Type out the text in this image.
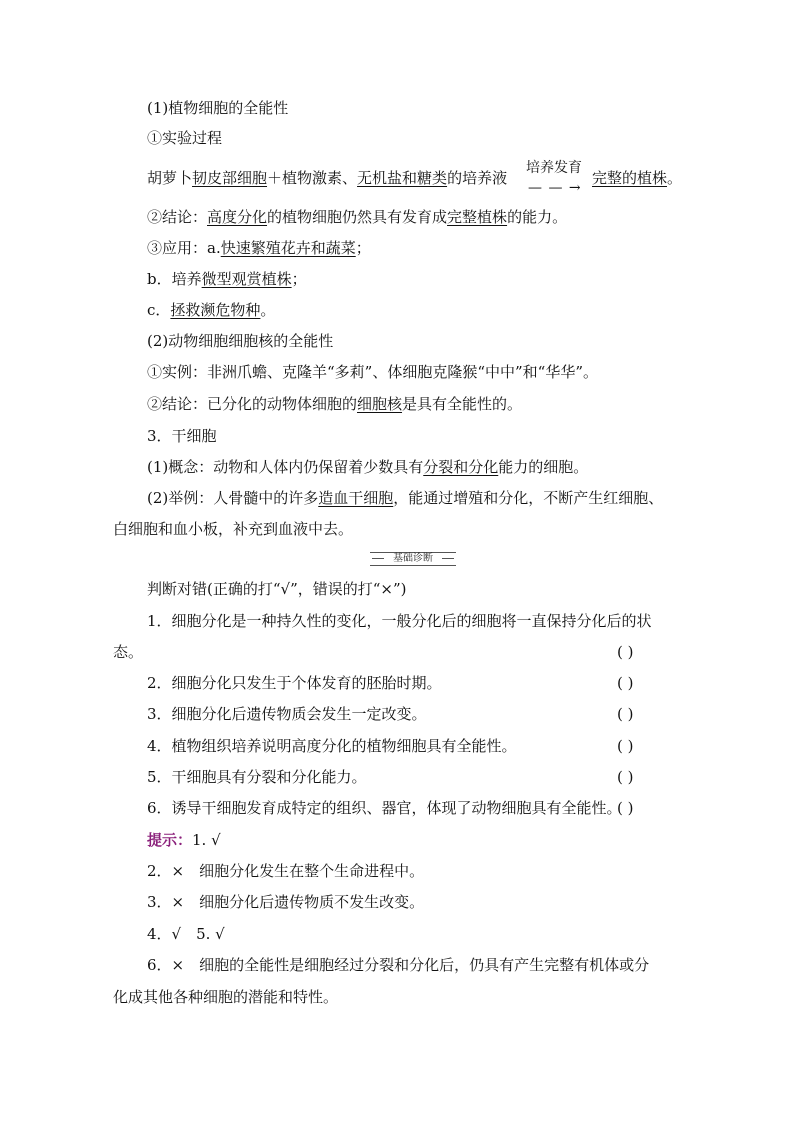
(1)植物细胞的全能性
①实验过程
胡萝卜韧皮部细胞＋植物激素、无机盐和糖类的培养液
培养发育
— — →
完整的植株。
②结论：高度分化的植物细胞仍然具有发育成完整植株的能力。
③应用：a.快速繁殖花卉和蔬菜；
b．培养微型观赏植株；
c．拯救濒危物种。
(2)动物细胞细胞核的全能性
①实例：非洲爪蟾、克隆羊“多莉”、体细胞克隆猴“中中”和“华华”。
②结论：已分化的动物体细胞的细胞核是具有全能性的。
3．干细胞
(1)概念：动物和人体内仍保留着少数具有分裂和分化能力的细胞。
(2)举例：人骨髓中的许多造血干细胞，能通过增殖和分化，不断产生红细胞、
白细胞和血小板，补充到血液中去。
基础诊断
判断对错(正确的打“√”，错误的打“×”)
1．细胞分化是一种持久性的变化，一般分化后的细胞将一直保持分化后的状
态。	( )
2．细胞分化只发生于个体发育的胚胎时期。	( )
3．细胞分化后遗传物质会发生一定改变。	( )
4．植物组织培养说明高度分化的植物细胞具有全能性。	( )
5．干细胞具有分裂和分化能力。	( )
6．诱导干细胞发育成特定的组织、器官，体现了动物细胞具有全能性。
( )
提示：1. √
2．×　细胞分化发生在整个生命进程中。
3．×　细胞分化后遗传物质不发生改变。
4．√　5. √
6．×　细胞的全能性是细胞经过分裂和分化后，仍具有产生完整有机体或分
化成其他各种细胞的潜能和特性。
